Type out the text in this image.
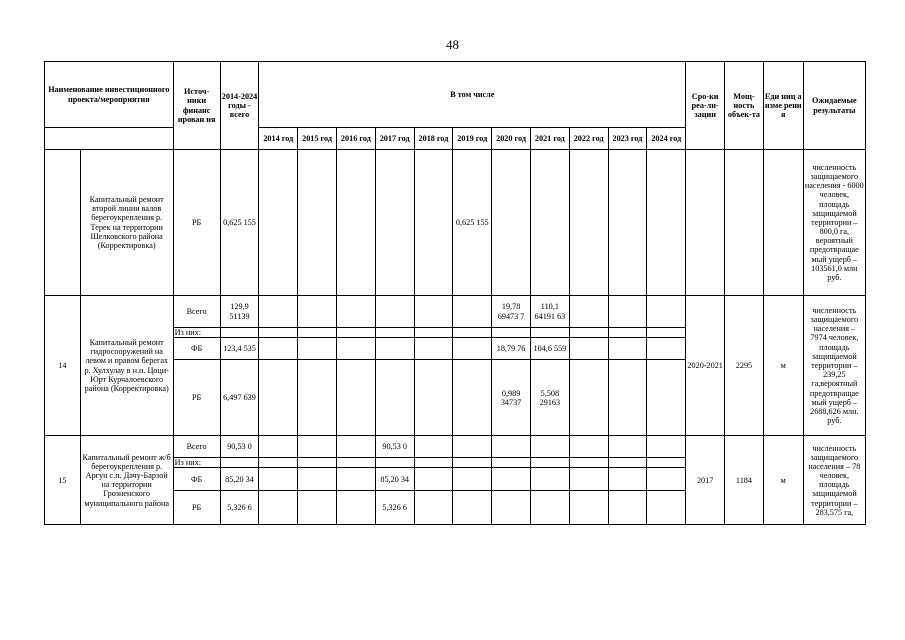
48
Наименование инвестиционного проекта/мероприятия		Источ-ники финанс ирован ия	2014-2024 годы - всего	В том числе											Сро-ки реа-ли-зации	Мощ-ность объек-та	Еди ниц а изме рени я	Ожидаемые результаты
				2014 год	2015 год	2016 год	2017 год	2018 год	2019 год	2020 год	2021 год	2022 год	2023 год	2024 год				
	Капитальный ремонт второй линии валов берегоукрепления р. Терек на территории Шелковского района (Корректировка)	РБ	0,625 155						0,625 155									численность защищаемого населения - 6000 человек, площадь защищаемой территории – 800,0 га, вероятный предотвращае мый ущерб – 103561,0 млн руб.
14	Капитальный ремонт гидросооружений на левом и правом берегах р. Хулхулау в н.п. Цоци-Юрт Курчалоевского района (Корректировка)	Всего	129,9 51139							19,78 69473 7	110,1 64191 63				2020-2021	2295	м	численность защищаемого населения – 7974 человек, площадь защищаемой территории – 239,25 га,вероятный предотвращае мый ущерб – 2688,626 млн. руб.
		Из них:																
		ФБ	123,4 535							18,79 76	104,6 559							
		РБ	6,497 639							0,989 34737	5,508 29163							
15	Капитальный ремонт ж/б берегоукрепления р. Аргун с.п. Дачу-Барзой на территории Грозненского муниципального района	Всего	90,53 0				90,53 0								2017	1184	м	численность защищаемого населения – 78 человек, площадь защищаемой территории – 283,575 га,
		Из них:																
		ФБ	85,20 34				85,20 34											
		РБ	5,326 6				5,326 6											
